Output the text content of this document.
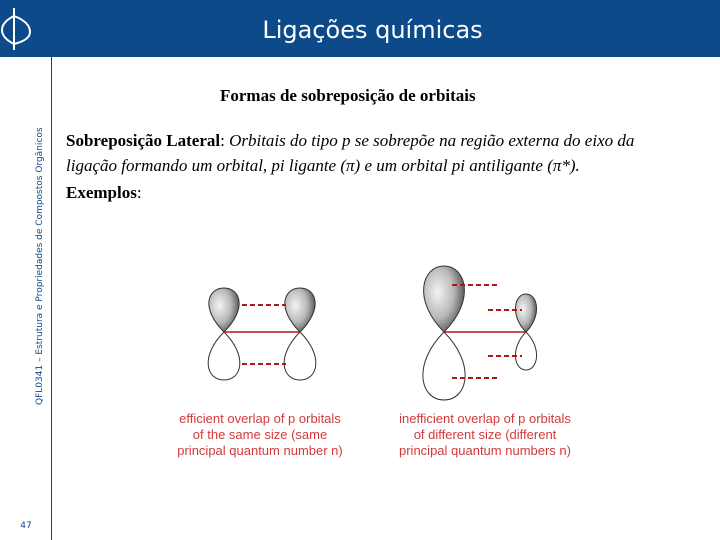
Ligações químicas
QFL0341 – Estrutura e Propriedades de Compostos Orgânicos
47
Formas de sobreposição de orbitais
Sobreposição Lateral: Orbitais do tipo p se sobrepõe na região externa do eixo da ligação formando um orbital, pi ligante (π) e um orbital pi antiligante (π*).
Exemplos:
efficient overlap of p orbitals
of the same size (same
principal quantum number n)
inefficient overlap of p orbitals
of different size (different
principal quantum numbers n)
